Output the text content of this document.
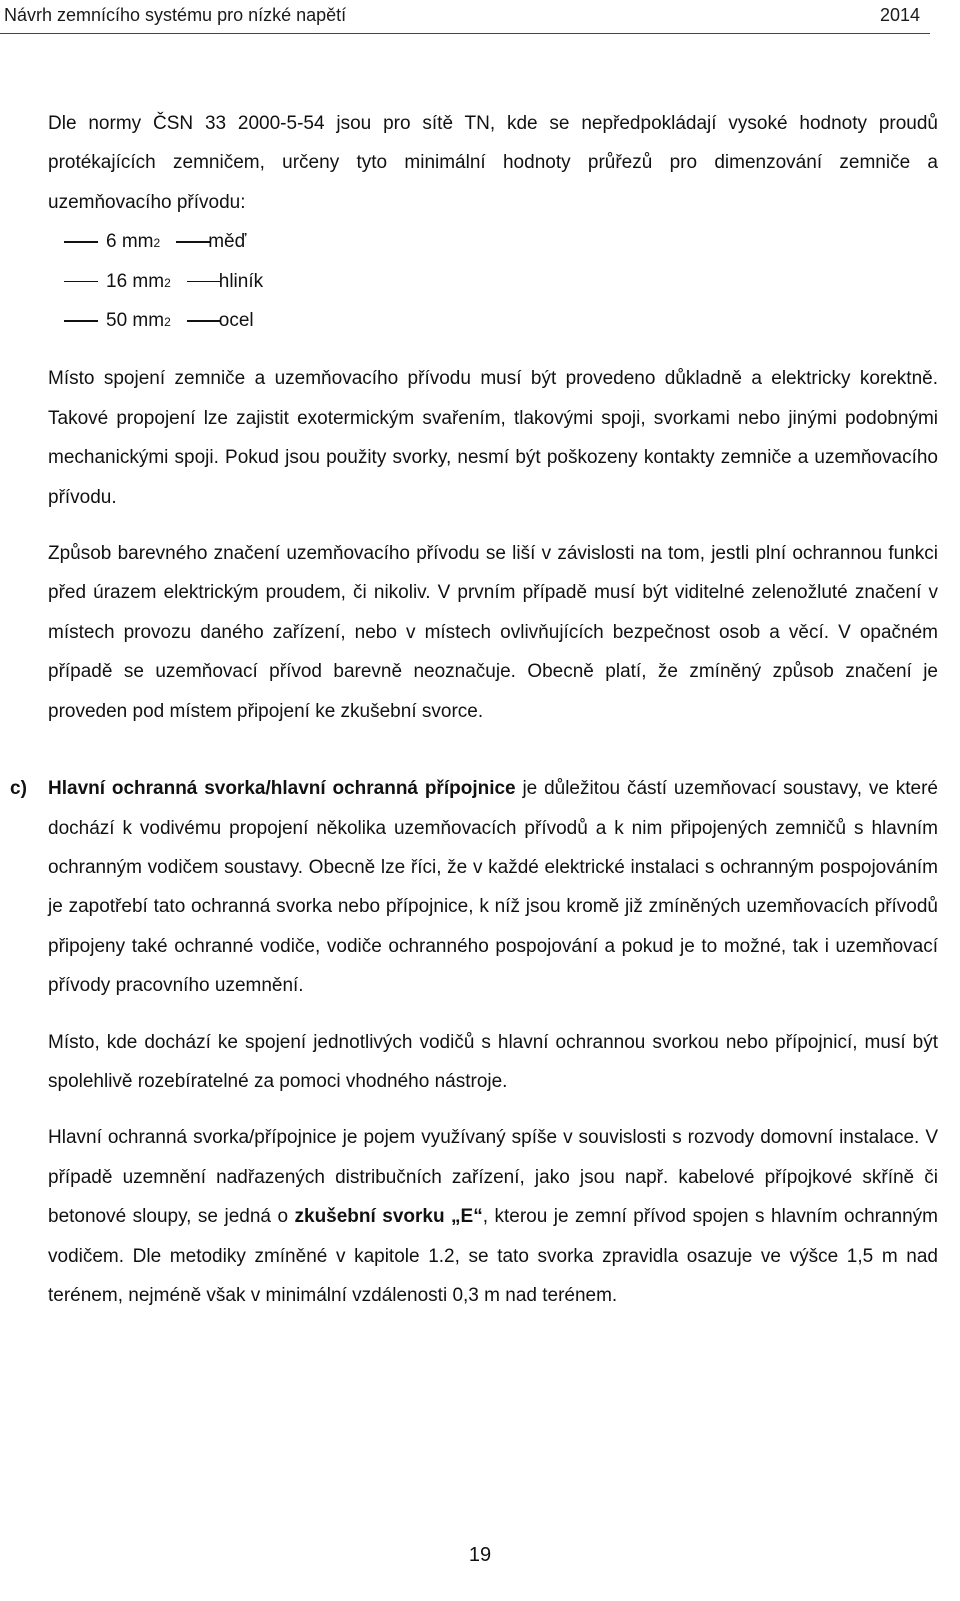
Návrh zemnícího systému pro nízké napětí	2014

Dle normy ČSN 33 2000-5-54 jsou pro sítě TN, kde se nepředpokládají vysoké hodnoty proudů protékajících zemničem, určeny tyto minimální hodnoty průřezů pro dimenzování zemniče a uzemňovacího přívodu:

6 mm 2	měď
16 mm 2	hliník
50 mm 2	ocel

Místo spojení zemniče a uzemňovacího přívodu musí být provedeno důkladně a elektricky korektně. Takové propojení lze zajistit exotermickým svařením, tlakovými spoji, svorkami nebo jinými podobnými mechanickými spoji. Pokud jsou použity svorky, nesmí být poškozeny kontakty zemniče a uzemňovacího přívodu.

Způsob barevného značení uzemňovacího přívodu se liší v závislosti na tom, jestli plní ochrannou funkci před úrazem elektrickým proudem, či nikoliv. V prvním případě musí být viditelné zelenožluté značení v místech provozu daného zařízení, nebo v místech ovlivňujících bezpečnost osob a věcí. V opačném případě se uzemňovací přívod barevně neoznačuje. Obecně platí, že zmíněný způsob značení je proveden pod místem připojení ke zkušební svorce.

c) Hlavní ochranná svorka/hlavní ochranná přípojnice je důležitou částí uzemňovací soustavy, ve které dochází k vodivému propojení několika uzemňovacích přívodů a k nim připojených zemničů s hlavním ochranným vodičem soustavy. Obecně lze říci, že v každé elektrické instalaci s ochranným pospojováním je zapotřebí tato ochranná svorka nebo přípojnice, k níž jsou kromě již zmíněných uzemňovacích přívodů připojeny také ochranné vodiče, vodiče ochranného pospojování a pokud je to možné, tak i uzemňovací přívody pracovního uzemnění.

Místo, kde dochází ke spojení jednotlivých vodičů s hlavní ochrannou svorkou nebo přípojnicí, musí být spolehlivě rozebíratelné za pomoci vhodného nástroje.

Hlavní ochranná svorka/přípojnice je pojem využívaný spíše v souvislosti s rozvody domovní instalace. V případě uzemnění nadřazených distribučních zařízení, jako jsou např. kabelové přípojkové skříně či betonové sloupy, se jedná o zkušební svorku „E“, kterou je zemní přívod spojen s hlavním ochranným vodičem. Dle metodiky zmíněné v kapitole 1.2, se tato svorka zpravidla osazuje ve výšce 1,5 m nad terénem, nejméně však v minimální vzdálenosti 0,3 m nad terénem.

19
